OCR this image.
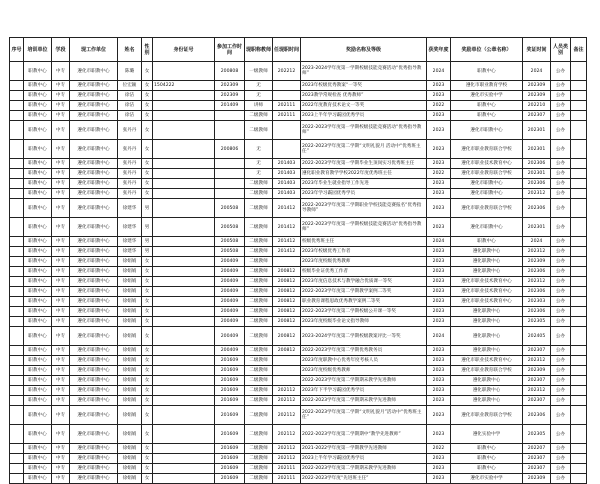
序号	培训单位	学段	现工作单位	姓名	性别	身份证号	参加工作时间	现职称教师	任现职时间	奖励名称及等级	获奖年度	奖励单位（公章名称）	奖证时间	人员类别	备注
	职教中心	中专	遵化市职教中心	陈璐	女		200808	一级教师	202212	2023-2024学年度第一学期校级技能竞赛活动“优秀指导教师”	2024	职教中心	2024	公办	
	职教中心	中专	遵化市职教中心	位宏颖	女	1504222	202309	无		2023年校级优秀教案“一等奖	2023	遵化市职业教育学校	202309	公办	
	职教中心	中专	遵化市职教中心	徐洁	女		202309	无		2023教学常规检查 优秀教师”	2023	遵化市实验中学	202309	公办	
	职教中心	中专	遵化市职教中心	徐洁	女		201409	讲师	202111	2022年度教育技术论文一等奖	2022	职教中心	202210	公办	
	职教中心	中专	遵化市职教中心	徐洁	女			二级教师	202111	2023上半年学习霸园优秀学员	2023	职教中心	202307	公办	
	职教中心	中专	遵化市职教中心	张丹丹	女			二级教师		2022-2023学年度第一学期校级技能竞赛活动“优秀指导教师”	2023	遵化市职教中心	202301	公办	
	职教中心	中专	遵化市职教中心	张丹丹	女		200806	无		2022-2023学年度第二学期“文明礼貌月 活动中“优秀班主任”	2023	遵化市职业教育联合学校	202301	公办	
	职教中心	中专	遵化市职教中心	张丹丹	女			无	201403	2022-2023学年度第一学期毕业生顶岗实习优秀班主任	2023	遵化市职业技术教育中心	202306	公办	
	职教中心	中专	遵化市职教中心	张丹丹	女			无	201403	遵化职业教育教学学校2022年度优秀班主任	2022	遵化市职业教育联合学校	202301	公办	
	职教中心	中专	遵化市职教中心	张丹丹	女			二级教师	201403	2023年毕业生就业指导工作先进	2023	遵化市职教中心	202306	公办	
	职教中心	中专	遵化市职教中心	张丹丹	女			二级教师	201403	2023年学习霸园优秀学员	2023	遵化市职教中心	202312	公办	
	职教中心	中专	遵化市职教中心	徐建华	男		200508	二级教师	201412	2022-2023学年度第二学期职业学校技能竞赛报名“优秀指导教师”	2023	遵化市职业教育联合学校	202306	公办	
	职教中心	中专	遵化市职教中心	徐建华	男		200508	二级教师	201412	2022-2023学年度第一学期校级技能竞赛活动“优秀指导教师”	2023	遵化市职教中心	202301	公办	
	职教中心	中专	遵化市职教中心	徐建华	男		200508	二级教师	201412	校级优秀班主任	2024	职教中心	2024	公办	
	职教中心	中专	遵化市职教中心	徐建华	男		200508	二级教师	201412	2023年校级优秀工作者	2023	遵化职教中心	202312	公办	
	职教中心	中专	遵化市职教中心	徐娟娟	女		200409	二级教师		2023年度校级优秀教师	2023	遵化职教中心	202309	公办	
	职教中心	中专	遵化市职教中心	徐娟娟	女		200409	二级教师	200812	校级毕业证优秀工作者	2023	遵化职教中心	202306	公办	
	职教中心	中专	遵化市职教中心	徐娟娟	女		200409	二级教师	200812	2023年度信息技术与教学融合优质课一等奖	2023	遵化市职业技术教育中心	202312	公办	
	职教中心	中专	遵化市职教中心	徐娟娟	女		200409	二级教师	200812	2022-2023学年度第二学期教学案例二等奖	2023	遵化市职业技术教育中心	202306	公办	
	职教中心	中专	遵化市职教中心	徐娟娟	女		200409	二级教师	200812	职业教育课程思政优秀教学案例二等奖	2023	遵化市职业技术教育中心	202303	公办	
	职教中心	中专	遵化市职教中心	徐娟娟	女		200409	二级教师	200812	2022-2023学年度第二学期校级公开课一等奖	2023	遵化职教中心	202306	公办	
	职教中心	中专	遵化市职教中心	徐娟娟	女		200409	二级教师	200812	2023年度校级毕业论文指导教师	2023	遵化职教中心	202305	公办	
	职教中心	中专	遵化市职教中心	徐娟娟	女		200409	二级教师	200812	2023-2024学年度第二学期校级教案评比一等奖	2024	遵化职教中心	202405	公办	
	职教中心	中专	遵化市职教中心	徐娟娟	女		200409	二级教师	200812	2022-2023学年度第二学期优秀教务员	2023	遵化职教中心	202307	公办	
	职教中心	中专	遵化市职教中心	徐娟娟	女		201609	二级教师		2023年度职教中心优秀年度考核人员	2023	遵化市职业技术教育中心	202312	公办	
	职教中心	中专	遵化市职教中心	徐娟娟	女		201609	二级教师		2023年度校级优秀教师	2023	遵化市职业教育联合学校	202309	公办	
	职教中心	中专	遵化市职教中心	徐娟娟	女		201609	二级教师		2022-2023学年度第二学期期末教学先进教师	2023	遵化职教中心	202307	公办	
	职教中心	中专	遵化市职教中心	徐娟娟	女		201609	二级教师	202112	2023年下半学习霸园优秀学员	2023	遵化职教中心	202312	公办	
	职教中心	中专	遵化市职教中心	徐娟娟	女		201609	二级教师	202112	2022-2023学年度第二学期期末教学先进教师	2023	遵化职教中心	202307	公办	
	职教中心	中专	遵化市职教中心	徐娟娟	女		201609	二级教师	202112	2022-2023学年度第二学期“文明礼貌月”活动中“优秀班主任”	2023	遵化市职业教育联合学校	202306	公办	
	职教中心	中专	遵化市职教中心	徐娟娟	女		201609	二级教师	202112	2022-2023学年度第二学期期中“教学先进教师”	2023	遵化实验中学	202305	公办	
	职教中心	中专	遵化市职教中心	徐娟娟	女		201609	二级教师	202112	2021-2022学年度第一学期教学先进教师	2022	职教中心	202207	公办	
	职教中心	中专	遵化市职教中心	徐娟娟	女		201609	二级教师	202112	2023上半年学习霸园优秀学员	2023	职教中心	202307	公办	
	职教中心	中专	遵化市职教中心	徐娟娟	女		201609	二级教师	202111	2022-2023学年度第二学期期末教学先进教师	2023	职教中心	202307	公办	
	职教中心	中专	遵化市职教中心	徐娟娟	女		201609	二级教师	202111	2022-2023学年度“先进班主任”	2023	遵化市实验中学	202309	公办	
